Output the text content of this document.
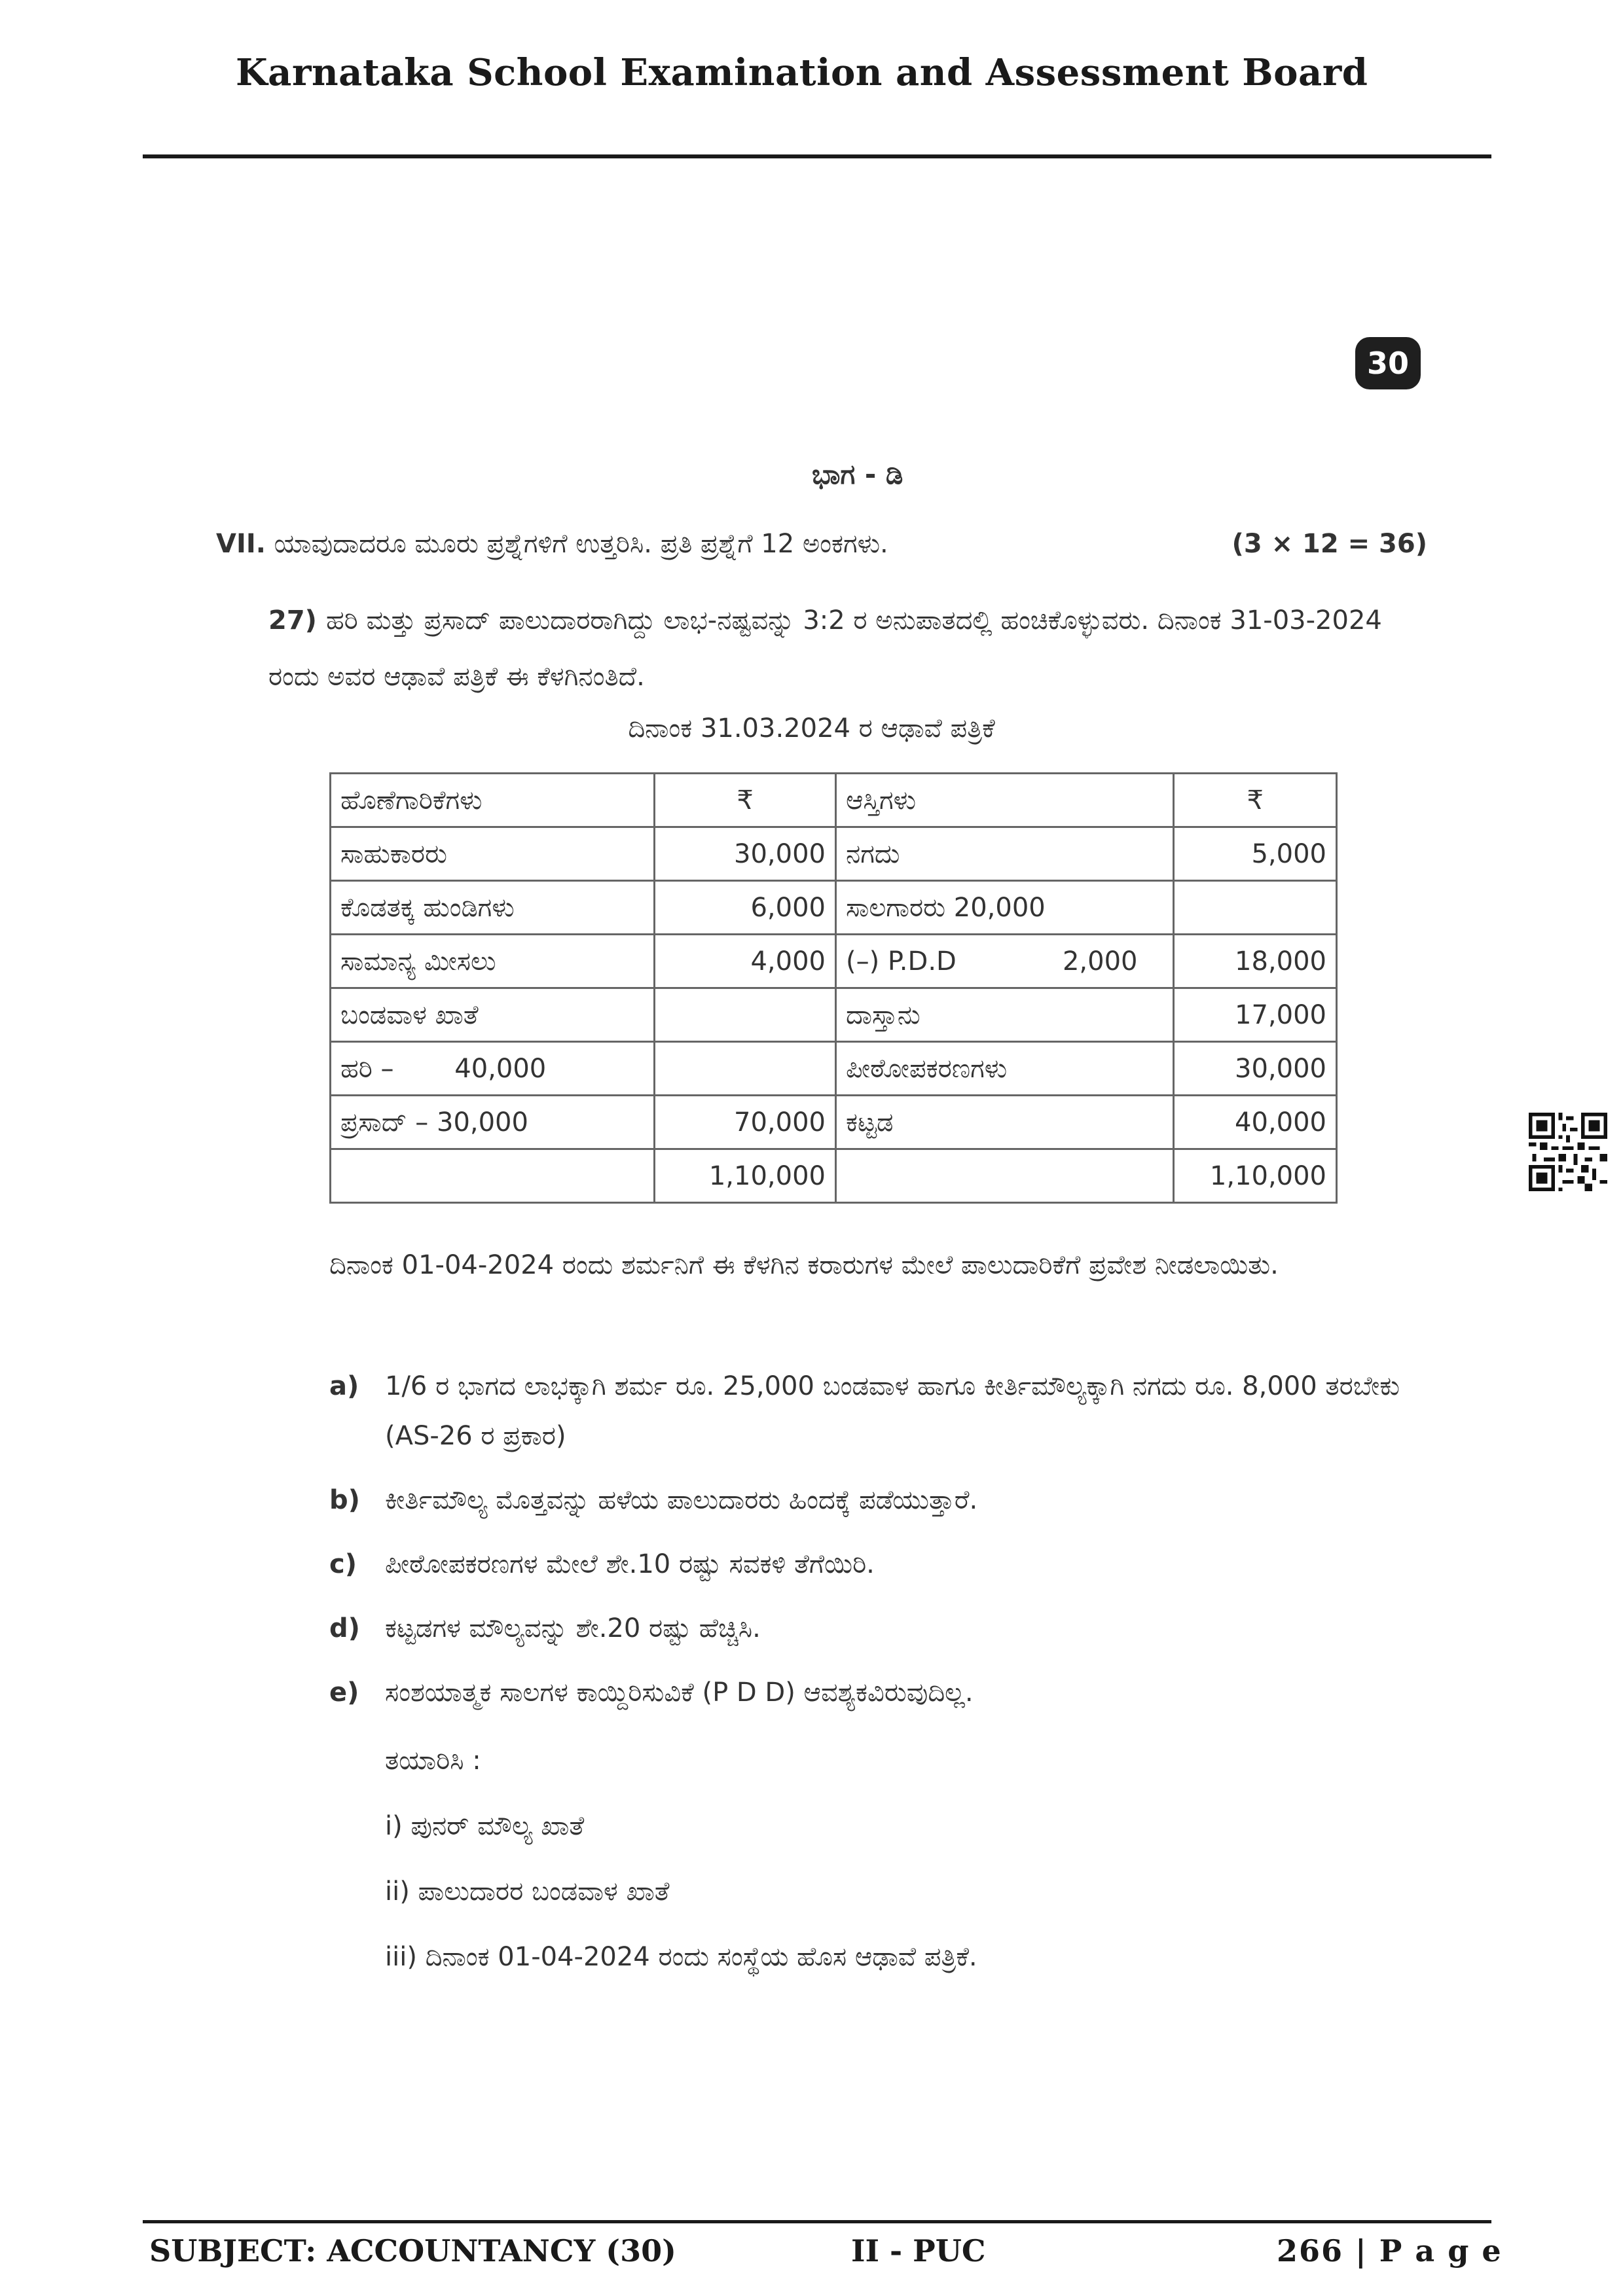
Karnataka School Examination and Assessment Board
30
ಭಾಗ - ಡಿ
VII. ಯಾವುದಾದರೂ ಮೂರು ಪ್ರಶ್ನೆಗಳಿಗೆ ಉತ್ತರಿಸಿ. ಪ್ರತಿ ಪ್ರಶ್ನೆಗೆ 12 ಅಂಕಗಳು.	(3 × 12 = 36)
27) ಹರಿ ಮತ್ತು ಪ್ರಸಾದ್ ಪಾಲುದಾರರಾಗಿದ್ದು ಲಾಭ-ನಷ್ಟವನ್ನು 3:2 ರ ಅನುಪಾತದಲ್ಲಿ ಹಂಚಿಕೊಳ್ಳುವರು. ದಿನಾಂಕ 31-03-2024 ರಂದು ಅವರ ಆಢಾವೆ ಪತ್ರಿಕೆ ಈ ಕೆಳಗಿನಂತಿದೆ.
ದಿನಾಂಕ 31.03.2024 ರ ಆಢಾವೆ ಪತ್ರಿಕೆ
ಹೊಣೆಗಾರಿಕೆಗಳು	₹	ಆಸ್ತಿಗಳು	₹
ಸಾಹುಕಾರರು	30,000	ನಗದು	5,000
ಕೊಡತಕ್ಕ ಹುಂಡಿಗಳು	6,000	ಸಾಲಗಾರರು 20,000	
ಸಾಮಾನ್ಯ ಮೀಸಲು	4,000	(–) P.D.D 2,000	18,000
ಬಂಡವಾಳ ಖಾತೆ		ದಾಸ್ತಾನು	17,000
ಹರಿ – 40,000		ಪೀಠೋಪಕರಣಗಳು	30,000
ಪ್ರಸಾದ್ – 30,000	70,000	ಕಟ್ಟಡ	40,000
	1,10,000		1,10,000
ದಿನಾಂಕ 01-04-2024 ರಂದು ಶರ್ಮನಿಗೆ ಈ ಕೆಳಗಿನ ಕರಾರುಗಳ ಮೇಲೆ ಪಾಲುದಾರಿಕೆಗೆ ಪ್ರವೇಶ ನೀಡಲಾಯಿತು.
a) 1/6 ರ ಭಾಗದ ಲಾಭಕ್ಕಾಗಿ ಶರ್ಮ ರೂ. 25,000 ಬಂಡವಾಳ ಹಾಗೂ ಕೀರ್ತಿಮೌಲ್ಯಕ್ಕಾಗಿ ನಗದು ರೂ. 8,000 ತರಬೇಕು (AS-26 ರ ಪ್ರಕಾರ)
b) ಕೀರ್ತಿಮೌಲ್ಯ ಮೊತ್ತವನ್ನು ಹಳೆಯ ಪಾಲುದಾರರು ಹಿಂದಕ್ಕೆ ಪಡೆಯುತ್ತಾರೆ.
c) ಪೀಠೋಪಕರಣಗಳ ಮೇಲೆ ಶೇ.10 ರಷ್ಟು ಸವಕಳಿ ತೆಗೆಯಿರಿ.
d) ಕಟ್ಟಡಗಳ ಮೌಲ್ಯವನ್ನು ಶೇ.20 ರಷ್ಟು ಹೆಚ್ಚಿಸಿ.
e) ಸಂಶಯಾತ್ಮಕ ಸಾಲಗಳ ಕಾಯ್ದಿರಿಸುವಿಕೆ (P D D) ಆವಶ್ಯಕವಿರುವುದಿಲ್ಲ.
ತಯಾರಿಸಿ :
i) ಪುನರ್ ಮೌಲ್ಯ ಖಾತೆ
ii) ಪಾಲುದಾರರ ಬಂಡವಾಳ ಖಾತೆ
iii) ದಿನಾಂಕ 01-04-2024 ರಂದು ಸಂಸ್ಥೆಯ ಹೊಸ ಆಢಾವೆ ಪತ್ರಿಕೆ.
SUBJECT: ACCOUNTANCY (30)	II - PUC	266 | P a g e
